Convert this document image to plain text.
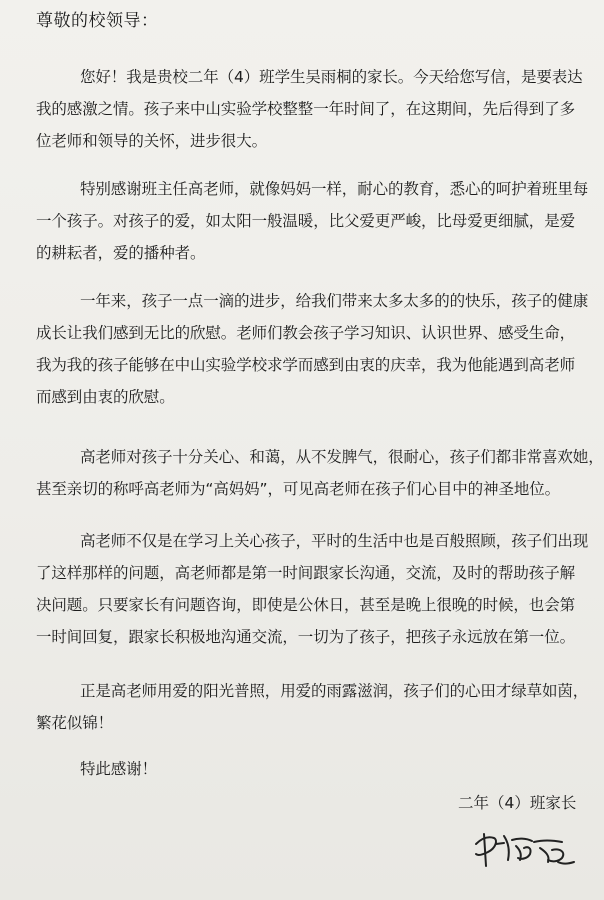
尊敬的校领导：
您好！我是贵校二年（4）班学生吴雨桐的家长。今天给您写信，是要表达
我的感激之情。孩子来中山实验学校整整一年时间了，在这期间，先后得到了多
位老师和领导的关怀，进步很大。
特别感谢班主任高老师，就像妈妈一样，耐心的教育，悉心的呵护着班里每
一个孩子。对孩子的爱，如太阳一般温暖，比父爱更严峻，比母爱更细腻，是爱
的耕耘者，爱的播种者。
一年来，孩子一点一滴的进步，给我们带来太多太多的的快乐，孩子的健康
成长让我们感到无比的欣慰。老师们教会孩子学习知识、认识世界、感受生命，
我为我的孩子能够在中山实验学校求学而感到由衷的庆幸，我为他能遇到高老师
而感到由衷的欣慰。
高老师对孩子十分关心、和蔼，从不发脾气，很耐心，孩子们都非常喜欢她，
甚至亲切的称呼高老师为“高妈妈”，可见高老师在孩子们心目中的神圣地位。
高老师不仅是在学习上关心孩子，平时的生活中也是百般照顾，孩子们出现
了这样那样的问题，高老师都是第一时间跟家长沟通，交流，及时的帮助孩子解
决问题。只要家长有问题咨询，即使是公休日，甚至是晚上很晚的时候，也会第
一时间回复，跟家长积极地沟通交流，一切为了孩子，把孩子永远放在第一位。
正是高老师用爱的阳光普照，用爱的雨露滋润，孩子们的心田才绿草如茵，
繁花似锦！
特此感谢！
二年（4）班家长
